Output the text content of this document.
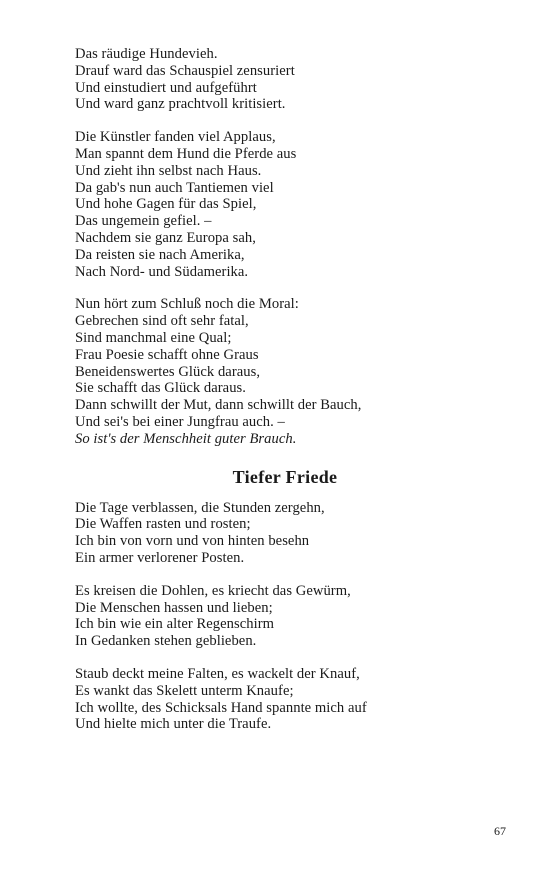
Das räudige Hundevieh.
Drauf ward das Schauspiel zensuriert
Und einstudiert und aufgeführt
Und ward ganz prachtvoll kritisiert.
Die Künstler fanden viel Applaus,
Man spannt dem Hund die Pferde aus
Und zieht ihn selbst nach Haus.
Da gab's nun auch Tantiemen viel
Und hohe Gagen für das Spiel,
Das ungemein gefiel. –
Nachdem sie ganz Europa sah,
Da reisten sie nach Amerika,
Nach Nord- und Südamerika.
Nun hört zum Schluß noch die Moral:
Gebrechen sind oft sehr fatal,
Sind manchmal eine Qual;
Frau Poesie schafft ohne Graus
Beneidenswertes Glück daraus,
Sie schafft das Glück daraus.
Dann schwillt der Mut, dann schwillt der Bauch,
Und sei's bei einer Jungfrau auch. –
So ist's der Menschheit guter Brauch.
Tiefer Friede
Die Tage verblassen, die Stunden zergehn,
Die Waffen rasten und rosten;
Ich bin von vorn und von hinten besehn
Ein armer verlorener Posten.
Es kreisen die Dohlen, es kriecht das Gewürm,
Die Menschen hassen und lieben;
Ich bin wie ein alter Regenschirm
In Gedanken stehen geblieben.
Staub deckt meine Falten, es wackelt der Knauf,
Es wankt das Skelett unterm Knaufe;
Ich wollte, des Schicksals Hand spannte mich auf
Und hielte mich unter die Traufe.
67
